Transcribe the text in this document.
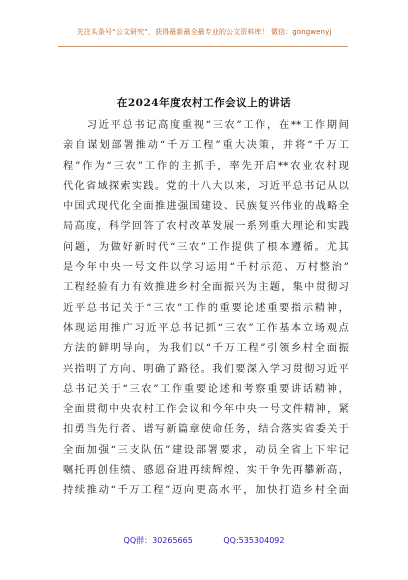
关注头条号“公文研究”，获得最新最全最专业的公文资料库！ 微信：gongwenyj
在2024年度农村工作会议上的讲话
　　习近平总书记高度重视“三农”工作，在**工作期间
亲自谋划部署推动“千万工程”重大决策，并将“千万工
程”作为“三农”工作的主抓手，率先开启**农业农村现
代化省域探索实践。党的十八大以来，习近平总书记从以
中国式现代化全面推进强国建设、民族复兴伟业的战略全
局高度，科学回答了农村改革发展一系列重大理论和实践
问题，为做好新时代“三农”工作提供了根本遵循。尤其
是今年中央一号文件以学习运用“千村示范、万村整治”
工程经验有力有效推进乡村全面振兴为主题，集中贯彻习
近平总书记关于“三农”工作的重要论述重要指示精神，
体现运用推广习近平总书记抓“三农”工作基本立场观点
方法的鲜明导向，为我们以“千万工程”引领乡村全面振
兴指明了方向、明确了路径。我们要深入学习贯彻习近平
总书记关于“三农”工作重要论述和考察重要讲话精神，
全面贯彻中央农村工作会议和今年中央一号文件精神，紧
扣勇当先行者、谱写新篇章使命任务，结合落实省委关于
全面加强“三支队伍”建设部署要求，动员全省上下牢记
嘱托再创佳绩、感恩奋进再续辉煌、实干争先再攀新高，
持续推动“千万工程”迈向更高水平，加快打造乡村全面
QQ群：30265665	QQ:535304092
